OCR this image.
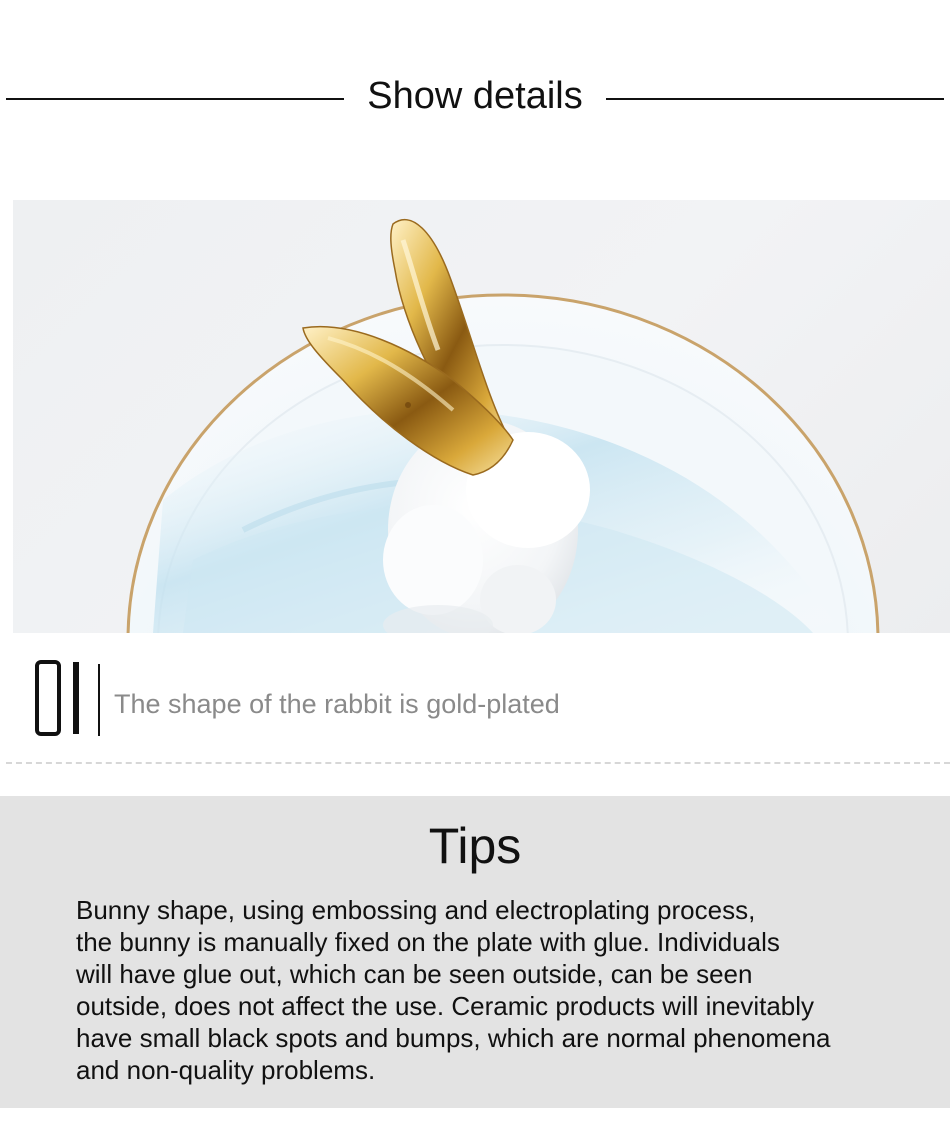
Show details
The shape of the rabbit is gold-plated
Tips
Bunny shape, using embossing and electroplating process,
the bunny is manually fixed on the plate with glue. Individuals
will have glue out, which can be seen outside, can be seen
outside, does not affect the use. Ceramic products will inevitably
have small black spots and bumps, which are normal phenomena
and non-quality problems.
